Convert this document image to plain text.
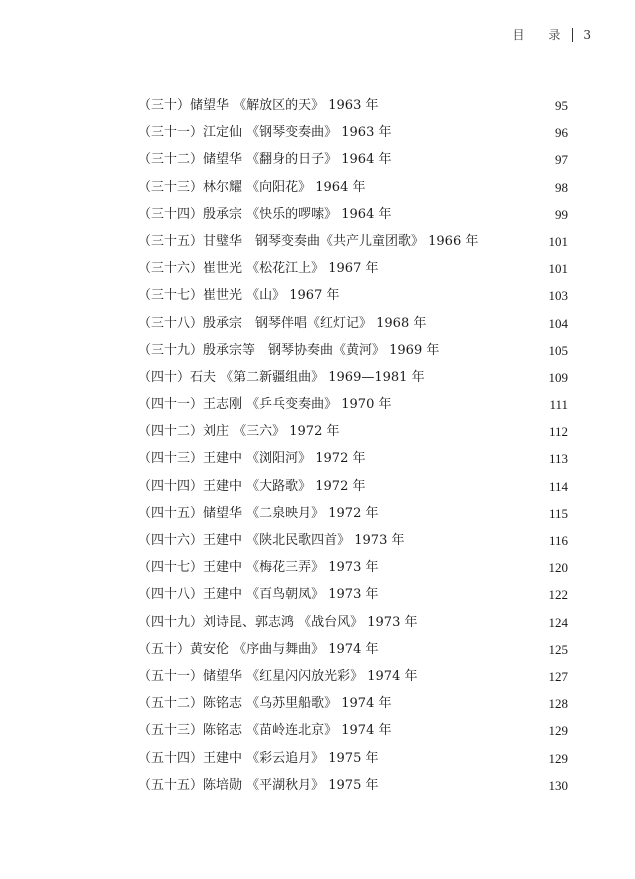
目 录 3
（三十）储望华 《解放区的天》 1963 年	95
（三十一）江定仙 《钢琴变奏曲》 1963 年	96
（三十二）储望华 《翻身的日子》 1964 年	97
（三十三）林尔耀 《向阳花》 1964 年	98
（三十四）殷承宗 《快乐的啰嗦》 1964 年	99
（三十五）甘璧华　钢琴变奏曲《共产儿童团歌》 1966 年	101
（三十六）崔世光 《松花江上》 1967 年	101
（三十七）崔世光 《山》 1967 年	103
（三十八）殷承宗　钢琴伴唱《红灯记》 1968 年	104
（三十九）殷承宗等　钢琴协奏曲《黄河》 1969 年	105
（四十）石夫 《第二新疆组曲》 1969—1981 年	109
（四十一）王志刚 《乒乓变奏曲》 1970 年	111
（四十二）刘庄 《三六》 1972 年	112
（四十三）王建中 《浏阳河》 1972 年	113
（四十四）王建中 《大路歌》 1972 年	114
（四十五）储望华 《二泉映月》 1972 年	115
（四十六）王建中 《陕北民歌四首》 1973 年	116
（四十七）王建中 《梅花三弄》 1973 年	120
（四十八）王建中 《百鸟朝凤》 1973 年	122
（四十九）刘诗昆、郭志鸿 《战台风》 1973 年	124
（五十）黄安伦 《序曲与舞曲》 1974 年	125
（五十一）储望华 《红星闪闪放光彩》 1974 年	127
（五十二）陈铭志 《乌苏里船歌》 1974 年	128
（五十三）陈铭志 《苗岭连北京》 1974 年	129
（五十四）王建中 《彩云追月》 1975 年	129
（五十五）陈培勋 《平湖秋月》 1975 年	130
